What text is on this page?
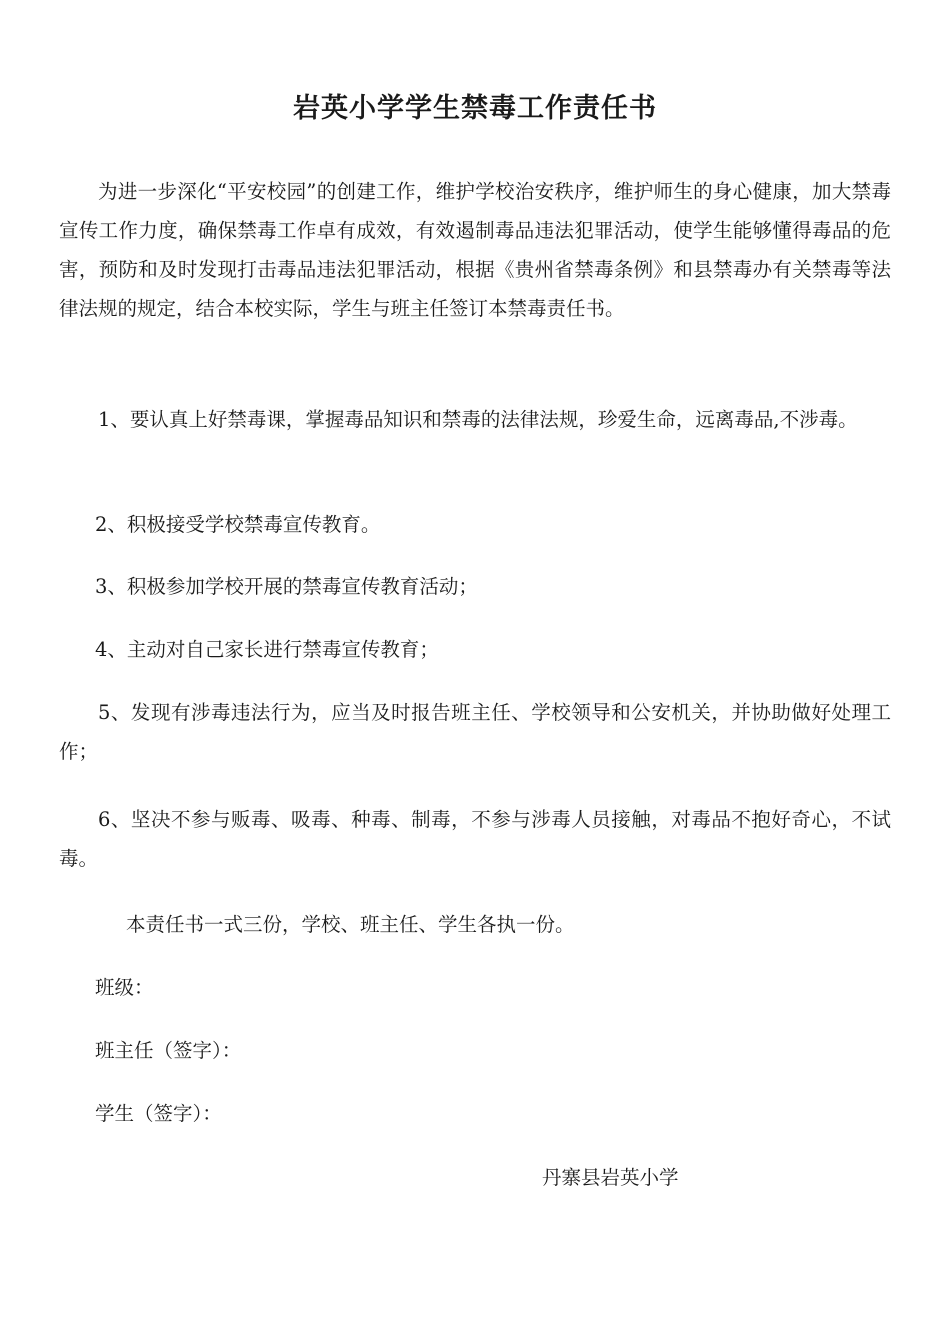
岩英小学学生禁毒工作责任书

为进一步深化“平安校园”的创建工作，维护学校治安秩序，维护师生的身心健康，加大禁毒宣传工作力度，确保禁毒工作卓有成效，有效遏制毒品违法犯罪活动，使学生能够懂得毒品的危害，预防和及时发现打击毒品违法犯罪活动，根据《贵州省禁毒条例》和县禁毒办有关禁毒等法律法规的规定，结合本校实际，学生与班主任签订本禁毒责任书。

1、要认真上好禁毒课，掌握毒品知识和禁毒的法律法规，珍爱生命，远离毒品,不涉毒。

2、积极接受学校禁毒宣传教育。

3、积极参加学校开展的禁毒宣传教育活动；

4、主动对自己家长进行禁毒宣传教育；

5、发现有涉毒违法行为，应当及时报告班主任、学校领导和公安机关，并协助做好处理工作；

6、坚决不参与贩毒、吸毒、种毒、制毒，不参与涉毒人员接触，对毒品不抱好奇心，不试毒。

本责任书一式三份，学校、班主任、学生各执一份。

班级：

班主任（签字）：

学生（签字）：

丹寨县岩英小学
